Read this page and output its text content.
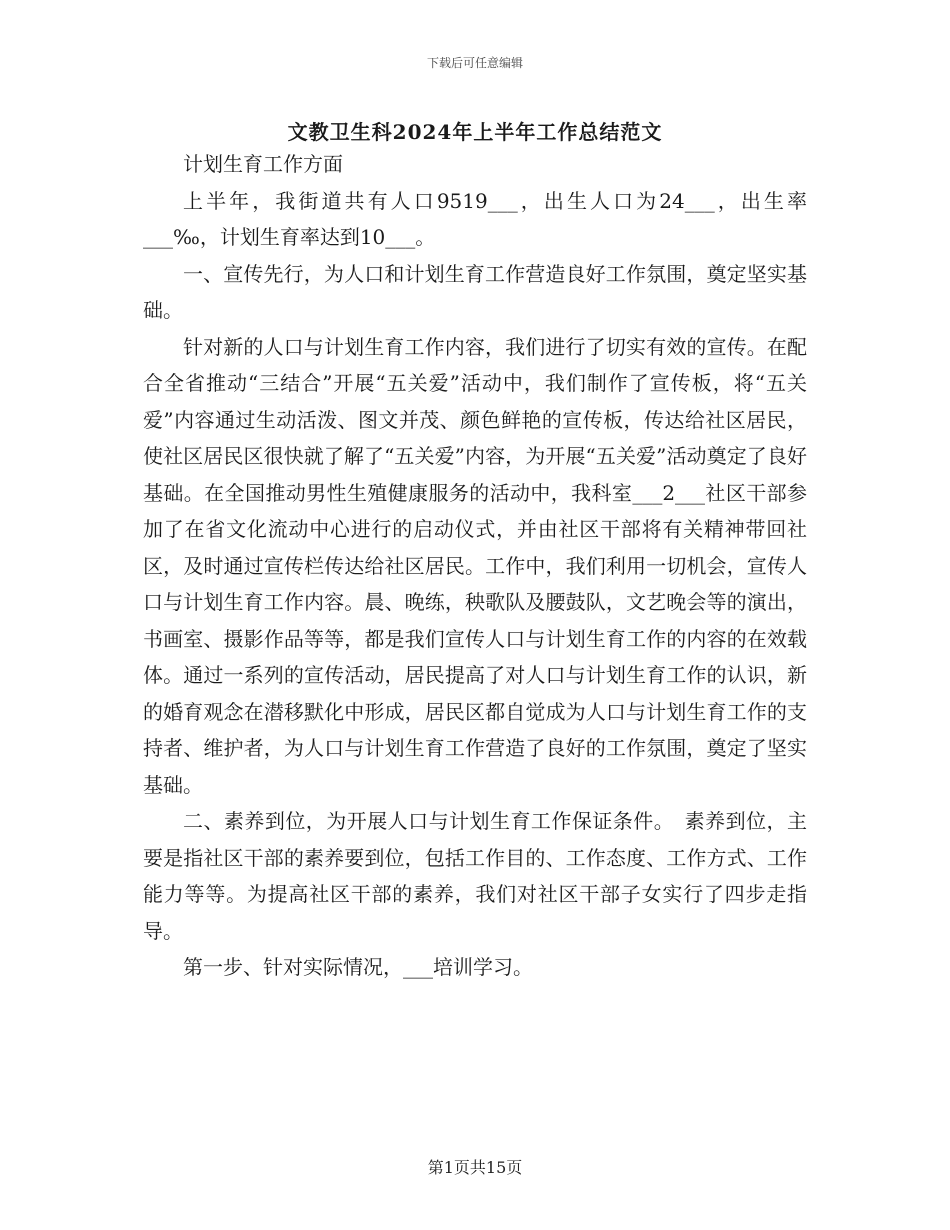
下载后可任意编辑
文教卫生科2024年上半年工作总结范文

计划生育工作方面

上半年，我街道共有人口9519___，出生人口为24___，出生率___‰，计划生育率达到10___。

一、宣传先行，为人口和计划生育工作营造良好工作氛围，奠定坚实基础。

针对新的人口与计划生育工作内容，我们进行了切实有效的宣传。在配合全省推动“三结合”开展“五关爱”活动中，我们制作了宣传板，将“五关爱”内容通过生动活泼、图文并茂、颜色鲜艳的宣传板，传达给社区居民，使社区居民区很快就了解了“五关爱”内容，为开展“五关爱”活动奠定了良好基础。在全国推动男性生殖健康服务的活动中，我科室___2___社区干部参加了在省文化流动中心进行的启动仪式，并由社区干部将有关精神带回社区，及时通过宣传栏传达给社区居民。工作中，我们利用一切机会，宣传人口与计划生育工作内容。晨、晚练，秧歌队及腰鼓队，文艺晚会等的演出，书画室、摄影作品等等，都是我们宣传人口与计划生育工作的内容的在效载体。通过一系列的宣传活动，居民提高了对人口与计划生育工作的认识，新的婚育观念在潜移默化中形成，居民区都自觉成为人口与计划生育工作的支持者、维护者，为人口与计划生育工作营造了良好的工作氛围，奠定了坚实基础。

二、素养到位，为开展人口与计划生育工作保证条件。　素养到位，主要是指社区干部的素养要到位，包括工作目的、工作态度、工作方式、工作能力等等。为提高社区干部的素养，我们对社区干部子女实行了四步走指导。

第一步、针对实际情况，___培训学习。

第1页共15页
